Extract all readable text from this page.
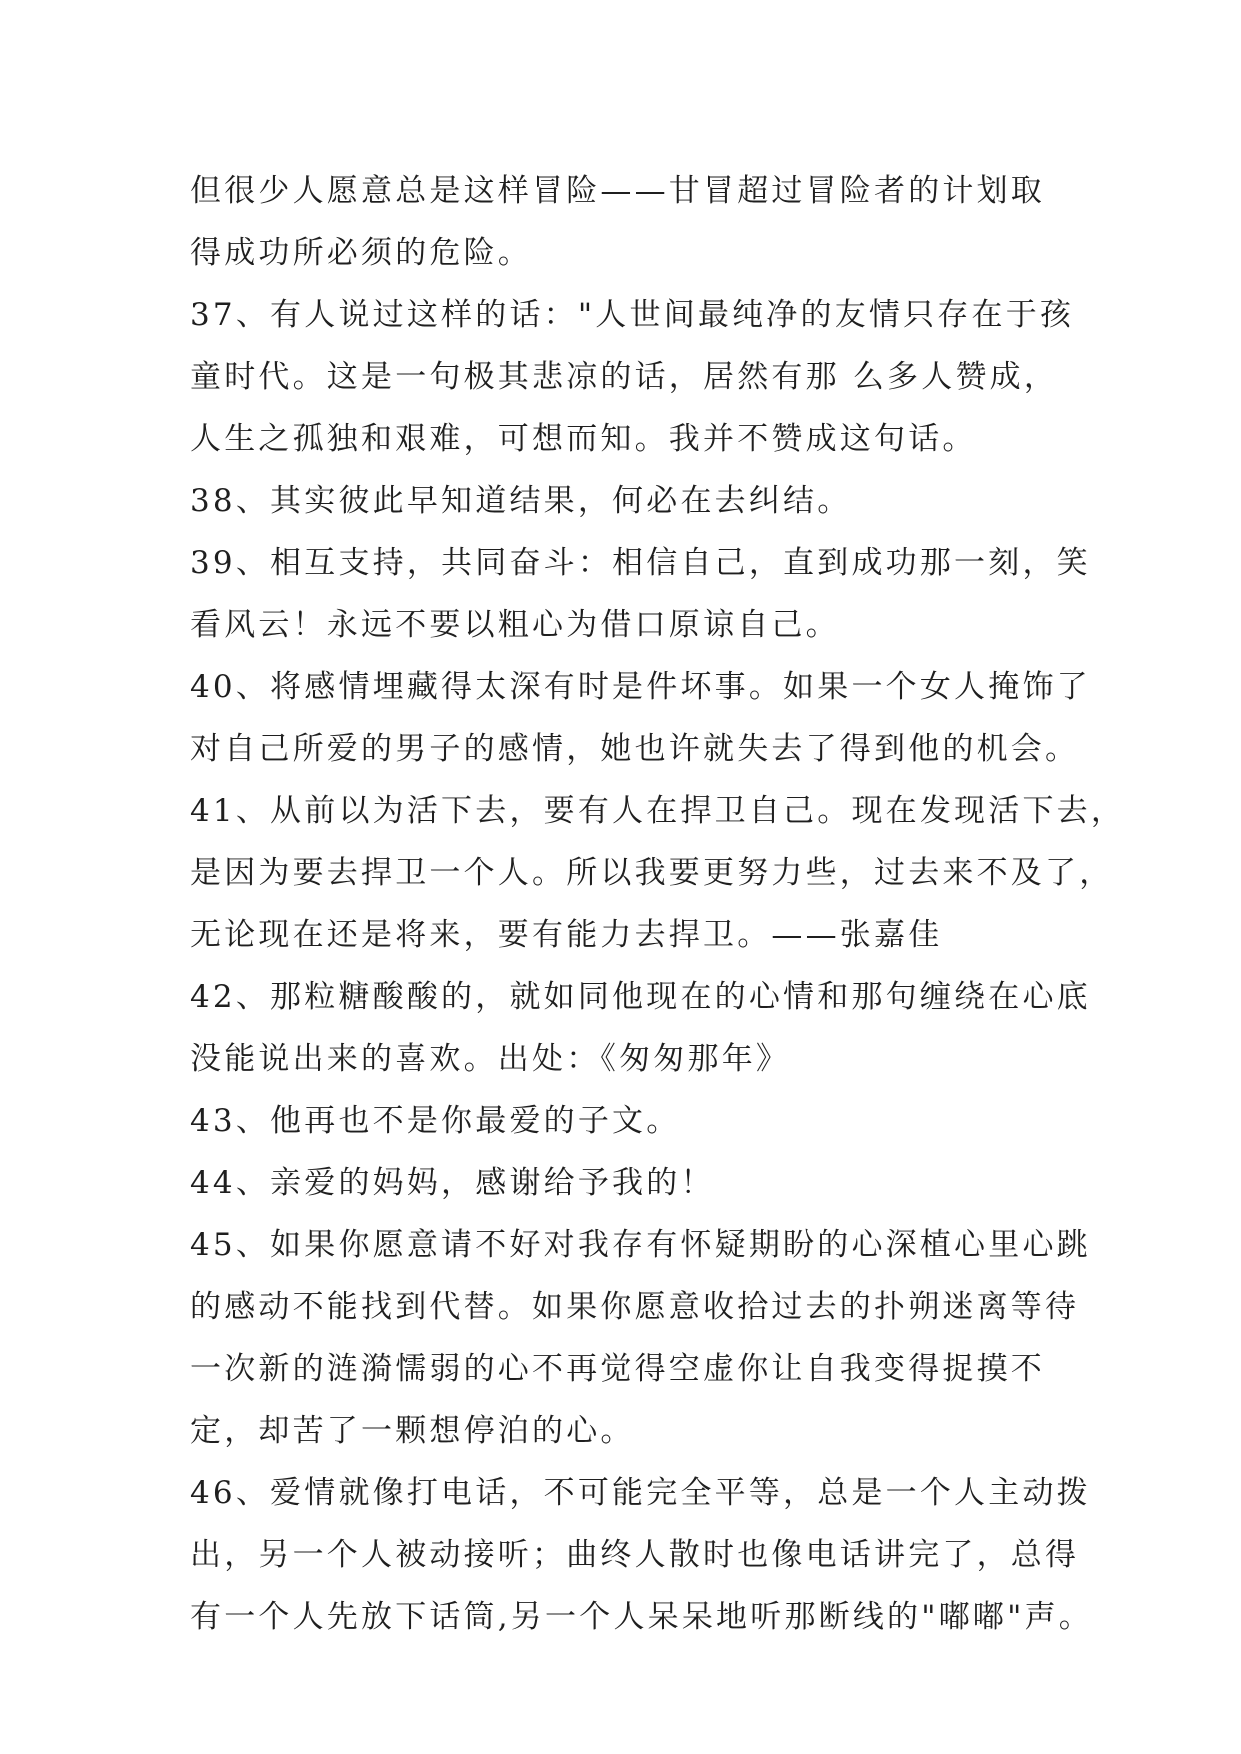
但很少人愿意总是这样冒险——甘冒超过冒险者的计划取
得成功所必须的危险。
37、有人说过这样的话："人世间最纯净的友情只存在于孩
童时代。这是一句极其悲凉的话，居然有那 么多人赞成，
人生之孤独和艰难，可想而知。我并不赞成这句话。
38、其实彼此早知道结果，何必在去纠结。
39、相互支持，共同奋斗：相信自己，直到成功那一刻，笑
看风云！永远不要以粗心为借口原谅自己。
40、将感情埋藏得太深有时是件坏事。如果一个女人掩饰了
对自己所爱的男子的感情，她也许就失去了得到他的机会。
41、从前以为活下去，要有人在捍卫自己。现在发现活下去，
是因为要去捍卫一个人。所以我要更努力些，过去来不及了，
无论现在还是将来，要有能力去捍卫。——张嘉佳
42、那粒糖酸酸的，就如同他现在的心情和那句缠绕在心底
没能说出来的喜欢。出处：《匆匆那年》
43、他再也不是你最爱的子文。
44、亲爱的妈妈，感谢给予我的！
45、如果你愿意请不好对我存有怀疑期盼的心深植心里心跳
的感动不能找到代替。如果你愿意收拾过去的扑朔迷离等待
一次新的涟漪懦弱的心不再觉得空虚你让自我变得捉摸不
定，却苦了一颗想停泊的心。
46、爱情就像打电话，不可能完全平等，总是一个人主动拨
出，另一个人被动接听；曲终人散时也像电话讲完了，总得
有一个人先放下话筒,另一个人呆呆地听那断线的"嘟嘟"声。
